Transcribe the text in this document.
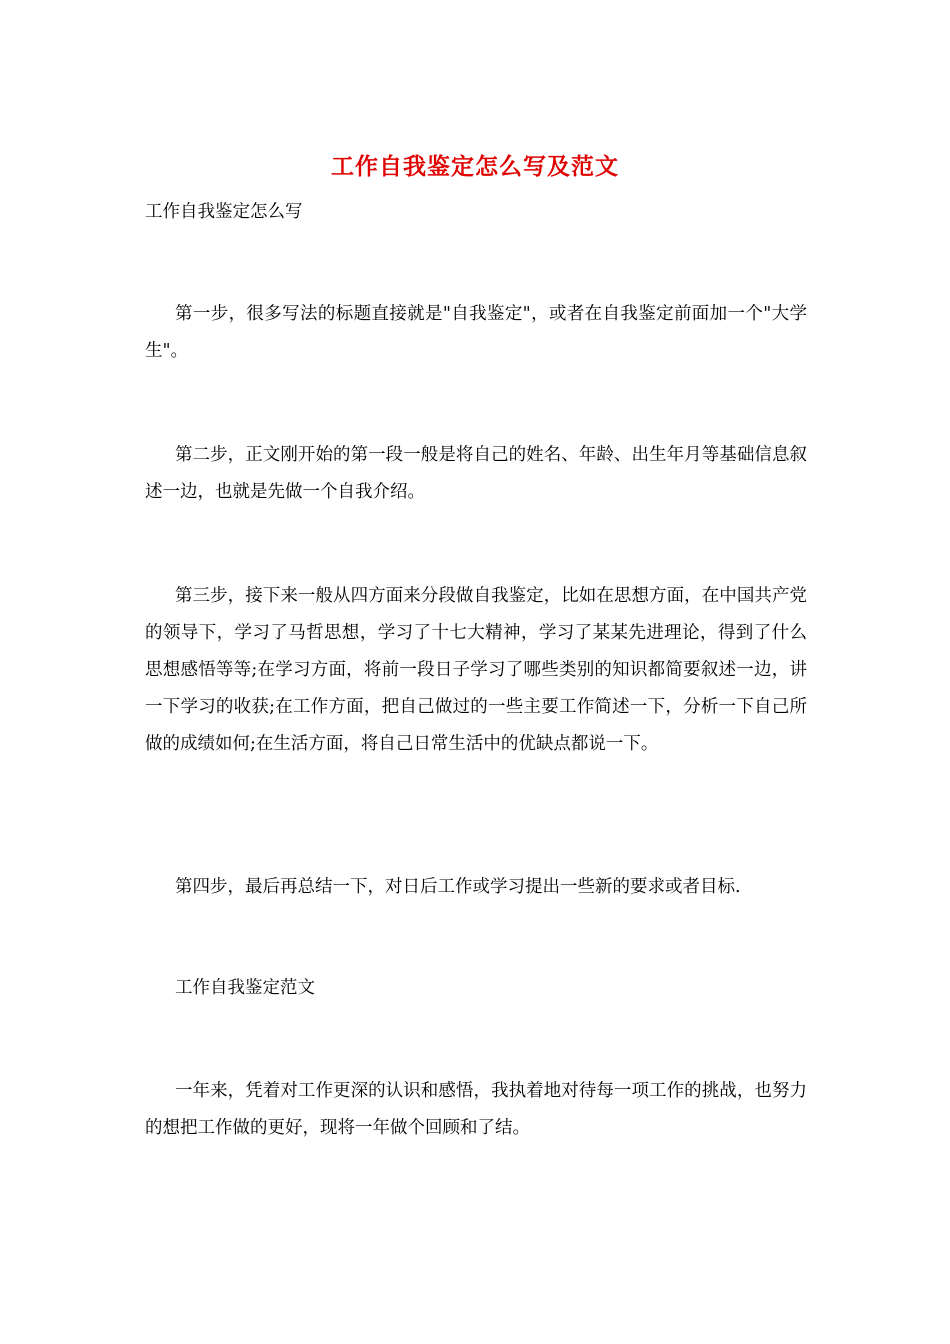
工作自我鉴定怎么写及范文

工作自我鉴定怎么写

第一步，很多写法的标题直接就是"自我鉴定"，或者在自我鉴定前面加一个"大学生"。

第二步，正文刚开始的第一段一般是将自己的姓名、年龄、出生年月等基础信息叙述一边，也就是先做一个自我介绍。

第三步，接下来一般从四方面来分段做自我鉴定，比如在思想方面，在中国共产党的领导下，学习了马哲思想，学习了十七大精神，学习了某某先进理论，得到了什么思想感悟等等;在学习方面，将前一段日子学习了哪些类别的知识都简要叙述一边，讲一下学习的收获;在工作方面，把自己做过的一些主要工作简述一下，分析一下自己所做的成绩如何;在生活方面，将自己日常生活中的优缺点都说一下。

第四步，最后再总结一下，对日后工作或学习提出一些新的要求或者目标.

工作自我鉴定范文

一年来，凭着对工作更深的认识和感悟，我执着地对待每一项工作的挑战，也努力的想把工作做的更好，现将一年做个回顾和了结。
